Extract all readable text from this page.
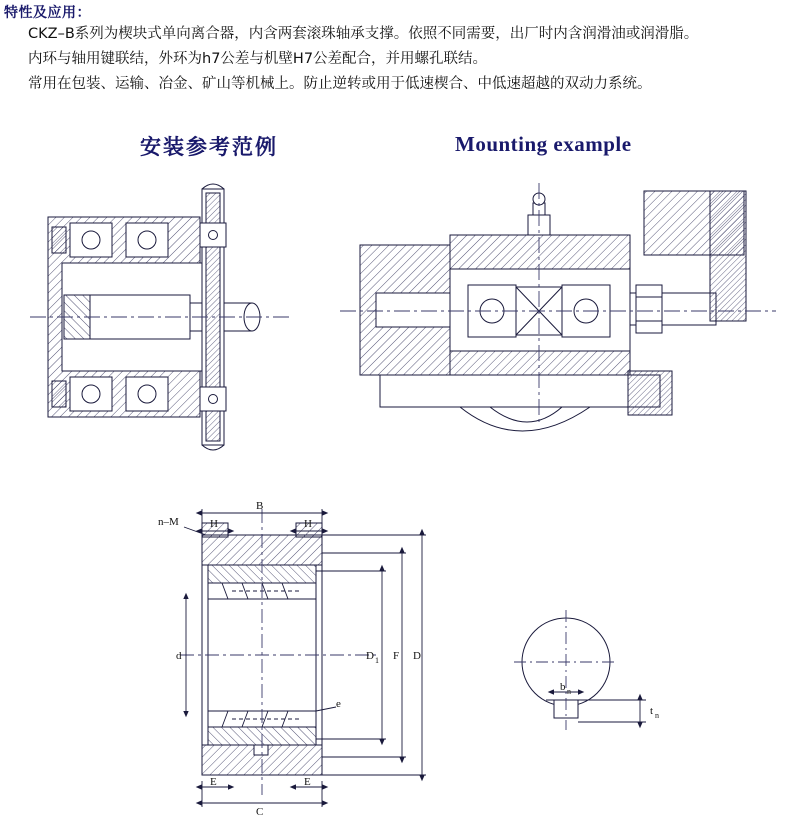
特性及应用：
CKZ–B系列为楔块式单向离合器，内含两套滚珠轴承支撑。依照不同需要，出厂时内含润滑油或润滑脂。
内环与轴用键联结，外环为h7公差与机壁H7公差配合，并用螺孔联结。
常用在包装、运输、冶金、矿山等机械上。防止逆转或用于低速楔合、中低速超越的双动力系统。
安装参考范例	Mounting example
B
H	H
n–M
d	D 1 F D
e
E	E
C
b n
t n
